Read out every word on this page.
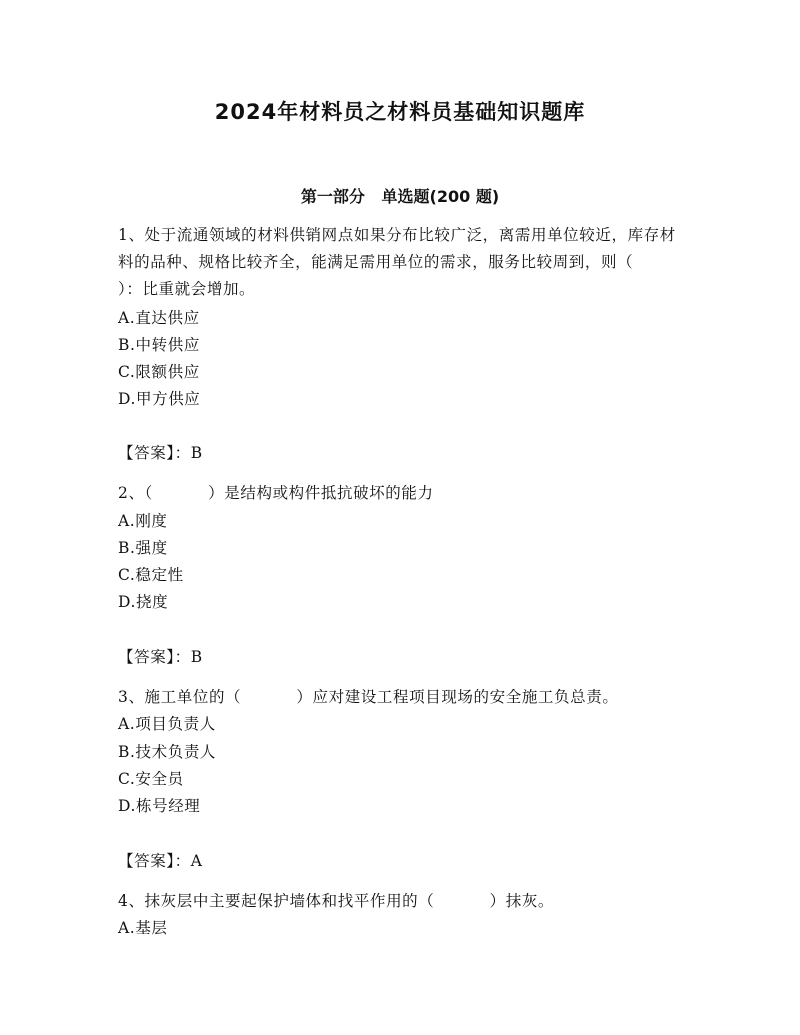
2024年材料员之材料员基础知识题库
第一部分   单选题(200 题)
1、处于流通领域的材料供销网点如果分布比较广泛，离需用单位较近，库存材料的品种、规格比较齐全，能满足需用单位的需求，服务比较周到，则（          ）：比重就会增加。
A.直达供应
B.中转供应
C.限额供应
D.甲方供应
【答案】：B
2、（          ）是结构或构件抵抗破坏的能力
A.刚度
B.强度
C.稳定性
D.挠度
【答案】：B
3、施工单位的（          ）应对建设工程项目现场的安全施工负总责。
A.项目负责人
B.技术负责人
C.安全员
D.栋号经理
【答案】：A
4、抹灰层中主要起保护墙体和找平作用的（          ）抹灰。
A.基层
